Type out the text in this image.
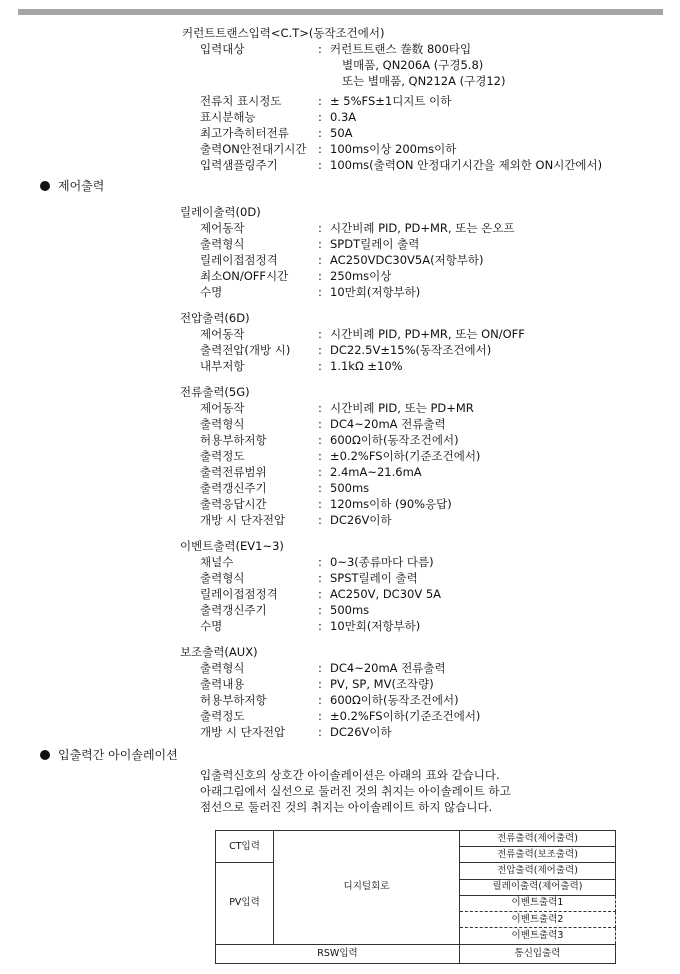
커런트트랜스입력<C.T>(동작조건에서)
입력대상	: 커런트트랜스 巻数 800타입
별매품, QN206A (구경5.8)
또는 별매품, QN212A (구경12)
전류치 표시정도	: ± 5%FS±1디지트 이하
표시분해능	: 0.3A
최고가측히터전류	: 50A
출력ON안전대기시간 : 100ms이상 200ms이하
입력샘플링주기	: 100ms(출력ON 안정대기시간을 제외한 ON시간에서)
제어출력
릴레이출력(0D)
제어동작	: 시간비례 PID, PD+MR, 또는 온오프
출력형식	: SPDT릴레이 출력
릴레이접점정격	: AC250VDC30V5A(저항부하)
최소ON/OFF시간	: 250ms이상
수명	: 10만회(저항부하)
전압출력(6D)
제어동작	: 시간비례 PID, PD+MR, 또는 ON/OFF
출력전압(개방 시) : DC22.5V±15%(동작조건에서)
내부저항	: 1.1kΩ ±10%
전류출력(5G)
제어동작	: 시간비례 PID, 또는 PD+MR
출력형식	: DC4~20mA 전류출력
허용부하저항	: 600Ω이하(동작조건에서)
출력정도	: ±0.2%FS이하(기준조건에서)
출력전류범위	: 2.4mA~21.6mA
출력갱신주기	: 500ms
출력응답시간	: 120ms이하 (90%응답)
개방 시 단자전압	: DC26V이하
이벤트출력(EV1~3)
채널수	: 0~3(종류마다 다름)
출력형식	: SPST릴레이 출력
릴레이접점정격	: AC250V, DC30V 5A
출력갱신주기	: 500ms
수명	: 10만회(저항부하)
보조출력(AUX)
출력형식	: DC4~20mA 전류출력
출력내용	: PV, SP, MV(조작량)
허용부하저항	: 600Ω이하(동작조건에서)
출력정도	: ±0.2%FS이하(기준조건에서)
개방 시 단자전압	: DC26V이하
입출력간 아이솔레이션
입출력신호의 상호간 아이솔레이션은 아래의 표와 같습니다.
아래그림에서 실선으로 둘러진 것의 취지는 아이솔레이트 하고
점선으로 둘러진 것의 취지는 아이솔레이트 하지 않습니다.
CT입력	디지털회로	전류출력(제어출력)
		전류출력(보조출력)
PV입력		전압출력(제어출력)
		릴레이출력(제어출력)
		이벤트출력1
		이벤트출력2
		이벤트출력3
RSW입력		통신입출력
